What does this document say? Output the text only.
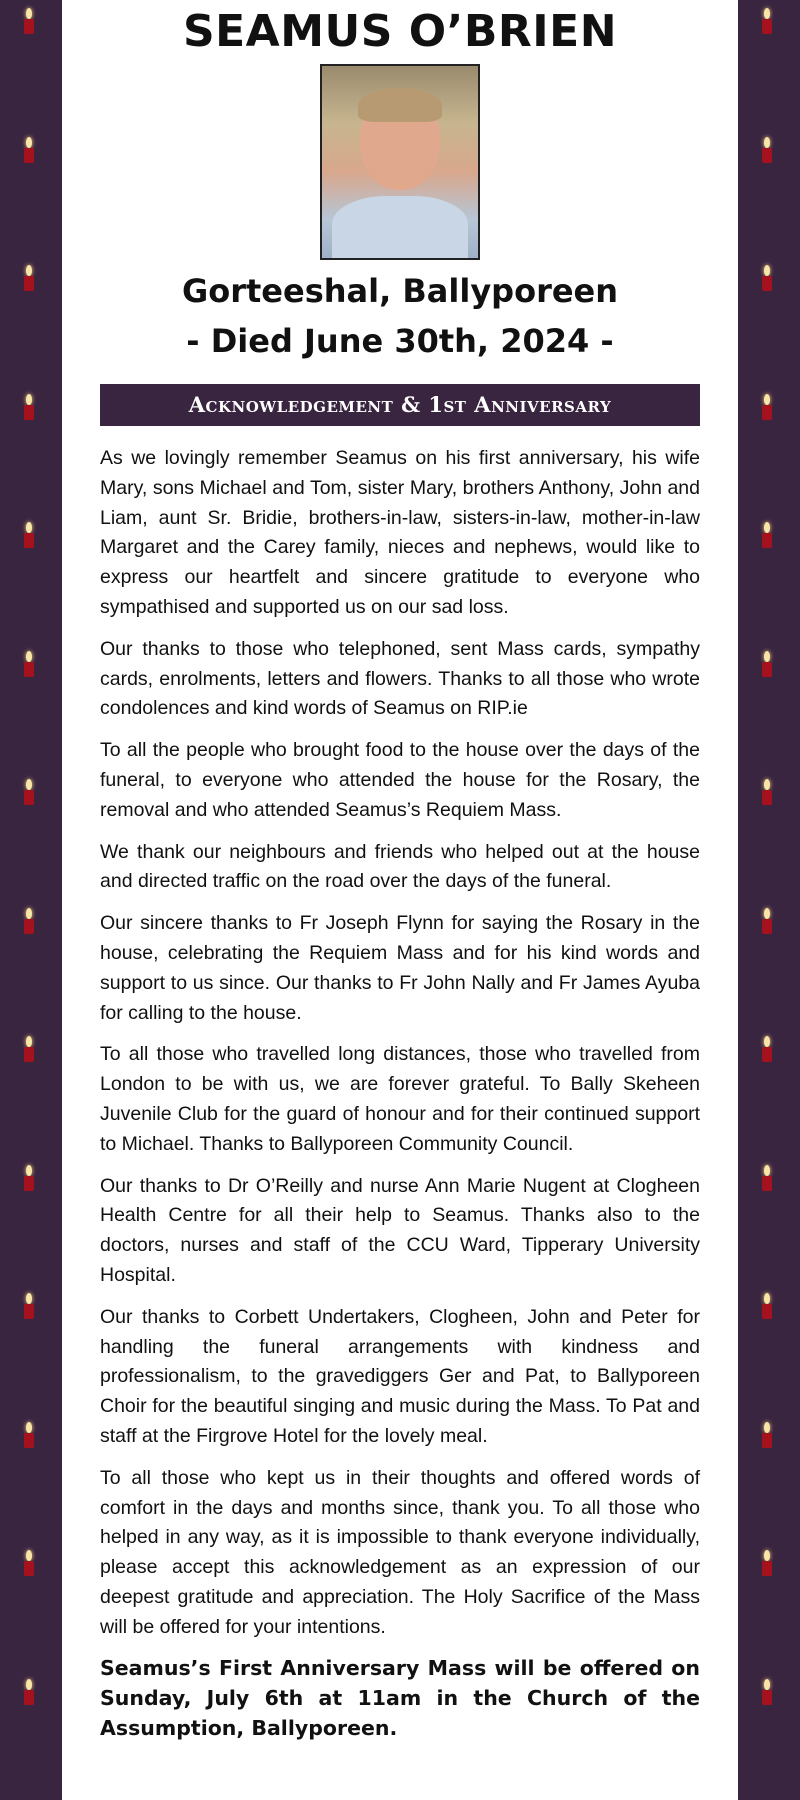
SEAMUS O’BRIEN
Gorteeshal, Ballyporeen
- Died June 30th, 2024 -
Acknowledgement & 1st Anniversary

As we lovingly remember Seamus on his first anniversary, his wife Mary, sons Michael and Tom, sister Mary, brothers Anthony, John and Liam, aunt Sr. Bridie, brothers-in-law, sisters-in-law, mother-in-law Margaret and the Carey family, nieces and nephews, would like to express our heartfelt and sincere gratitude to everyone who sympathised and supported us on our sad loss.

Our thanks to those who telephoned, sent Mass cards, sympathy cards, enrolments, letters and flowers. Thanks to all those who wrote condolences and kind words of Seamus on RIP.ie

To all the people who brought food to the house over the days of the funeral, to everyone who attended the house for the Rosary, the removal and who attended Seamus’s Requiem Mass.

We thank our neighbours and friends who helped out at the house and directed traffic on the road over the days of the funeral.

Our sincere thanks to Fr Joseph Flynn for saying the Rosary in the house, celebrating the Requiem Mass and for his kind words and support to us since. Our thanks to Fr John Nally and Fr James Ayuba for calling to the house.

To all those who travelled long distances, those who travelled from London to be with us, we are forever grateful. To Bally Skeheen Juvenile Club for the guard of honour and for their continued support to Michael. Thanks to Ballyporeen Community Council.

Our thanks to Dr O’Reilly and nurse Ann Marie Nugent at Clogheen Health Centre for all their help to Seamus. Thanks also to the doctors, nurses and staff of the CCU Ward, Tipperary University Hospital.

Our thanks to Corbett Undertakers, Clogheen, John and Peter for handling the funeral arrangements with kindness and professionalism, to the gravediggers Ger and Pat, to Ballyporeen Choir for the beautiful singing and music during the Mass. To Pat and staff at the Firgrove Hotel for the lovely meal.

To all those who kept us in their thoughts and offered words of comfort in the days and months since, thank you. To all those who helped in any way, as it is impossible to thank everyone individually, please accept this acknowledgement as an expression of our deepest gratitude and appreciation. The Holy Sacrifice of the Mass will be offered for your intentions.

Seamus’s First Anniversary Mass will be offered on Sunday, July 6th at 11am in the Church of the Assumption, Ballyporeen.
